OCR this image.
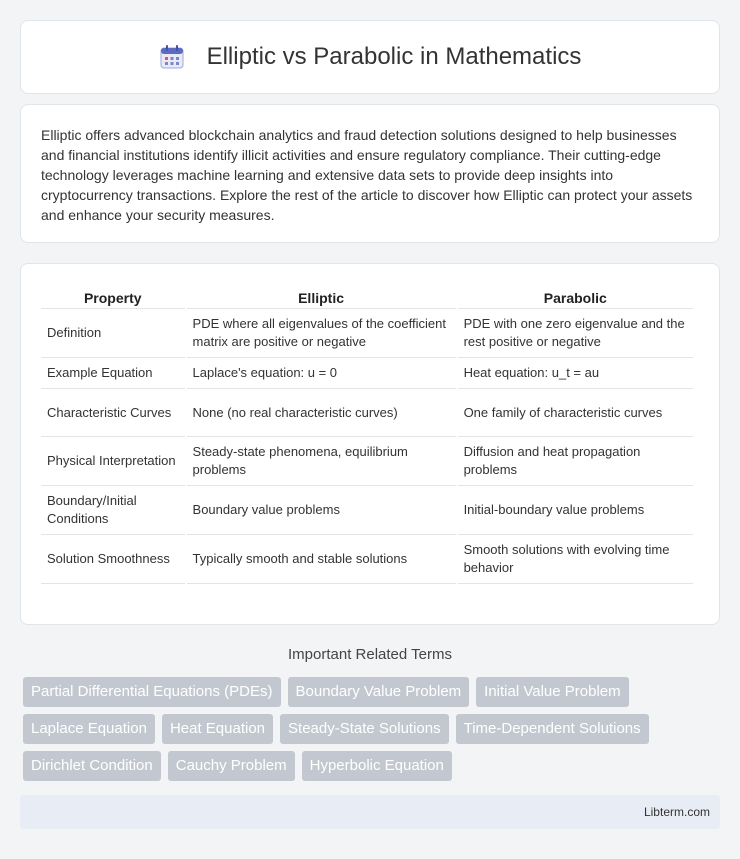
Elliptic vs Parabolic in Mathematics

Elliptic offers advanced blockchain analytics and fraud detection solutions designed to help businesses and financial institutions identify illicit activities and ensure regulatory compliance. Their cutting-edge technology leverages machine learning and extensive data sets to provide deep insights into cryptocurrency transactions. Explore the rest of the article to discover how Elliptic can protect your assets and enhance your security measures.

Property	Elliptic	Parabolic
Definition	PDE where all eigenvalues of the coefficient matrix are positive or negative	PDE with one zero eigenvalue and the rest positive or negative
Example Equation	Laplace's equation: u = 0	Heat equation: u_t = au
Characteristic Curves	None (no real characteristic curves)	One family of characteristic curves
Physical Interpretation	Steady-state phenomena, equilibrium problems	Diffusion and heat propagation problems
Boundary/Initial Conditions	Boundary value problems	Initial-boundary value problems
Solution Smoothness	Typically smooth and stable solutions	Smooth solutions with evolving time behavior
Important Related Terms
Partial Differential Equations (PDEs)	Boundary Value Problem	Initial Value Problem
Laplace Equation	Heat Equation	Steady-State Solutions	Time-Dependent Solutions
Dirichlet Condition	Cauchy Problem	Hyperbolic Equation
Libterm.com
